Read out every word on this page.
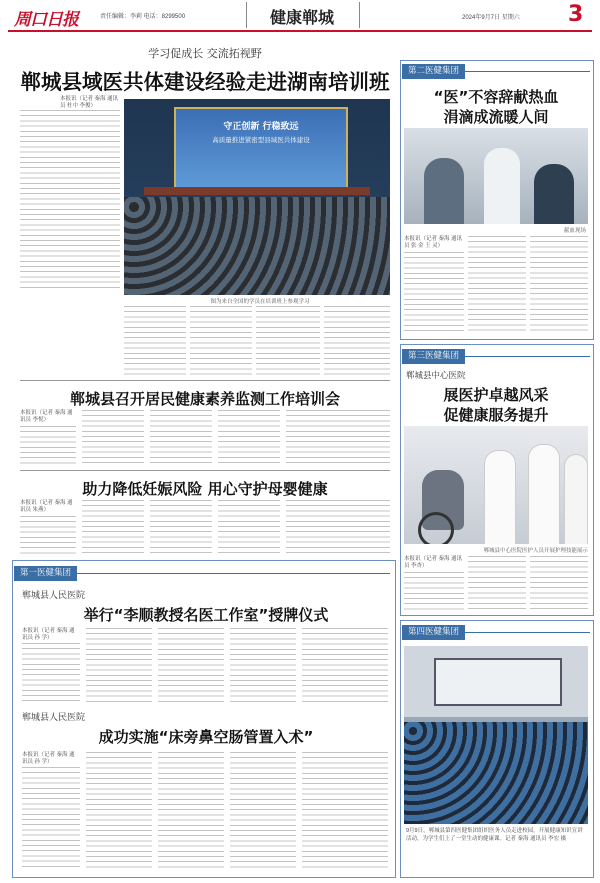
周口日报	责任编辑：李莉 电话：8299500	健康郸城	2024年9月7日 星期六 3
学习促成长 交流拓视野
郸城县域医共体建设经验走进湖南培训班
本报讯（记者 秦海 通讯员 杜中 李俊）
守正创新 行稳致远
高质量推进紧密型县域医共体建设
图为来自全国的学员在培训班上参观学习
郸城县召开居民健康素养监测工作培训会
本报讯（记者 秦海 通讯员 李悦）
助力降低妊娠风险 用心守护母婴健康
本报讯（记者 秦海 通讯员 朱燕）
第一医健集团
郸城县人民医院
举行“李顺教授名医工作室”授牌仪式
本报讯（记者 秦海 通讯员 孙 学）
郸城县人民医院
成功实施“床旁鼻空肠管置入术”
本报讯（记者 秦海 通讯员 孙 学）
第二医健集团
“医”不容辞献热血
涓滴成流暖人间
献血现场
本报讯（记者 秦海 通讯员 张 金 王 灵）
第三医健集团
郸城县中心医院
展医护卓越风采
促健康服务提升
郸城县中心医院医护人员开展护理技能展示
本报讯（记者 秦海 通讯员 李杏）
第四医健集团
9月9日，郸城县第四医健集团组织医务人员走进校园，开展健康知识宣讲活动，为学生们上了一堂生动的健康课。记者 秦海 通讯员 李宏 摄
